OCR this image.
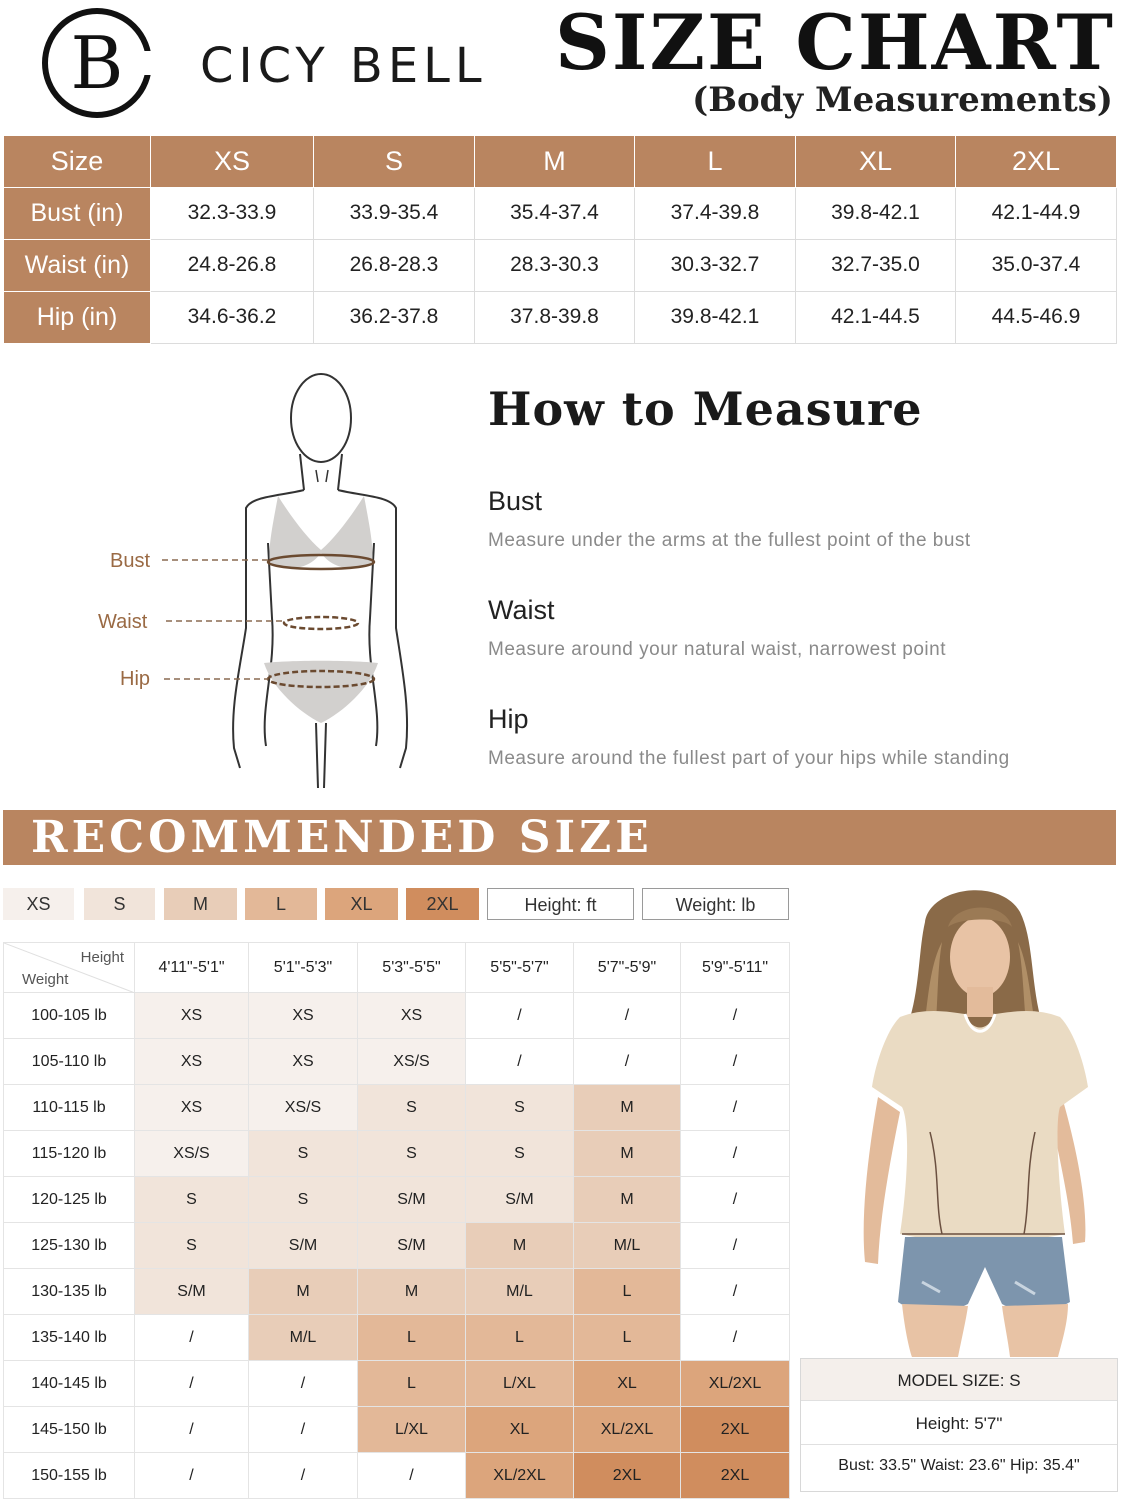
B CICY BELL SIZE CHART
(Body Measurements)
Size	XS	S	M	L	XL	2XL
Bust (in)	32.3-33.9	33.9-35.4	35.4-37.4	37.4-39.8	39.8-42.1	42.1-44.9
Waist (in)	24.8-26.8	26.8-28.3	28.3-30.3	30.3-32.7	32.7-35.0	35.0-37.4
Hip (in)	34.6-36.2	36.2-37.8	37.8-39.8	39.8-42.1	42.1-44.5	44.5-46.9
Bust
Waist
Hip
How to Measure
Bust
Measure under the arms at the fullest point of the bust
Waist
Measure around your natural waist, narrowest point
Hip
Measure around the fullest part of your hips while standing
RECOMMENDED SIZE
XS	S	M	L	XL	2XL	Height: ft	Weight: lb
Height
Weight	4'11"-5'1"	5'1"-5'3"	5'3"-5'5"	5'5"-5'7"	5'7"-5'9"	5'9"-5'11"
100-105 lb	XS	XS	XS	/	/	/
105-110 lb	XS	XS	XS/S	/	/	/
110-115 lb	XS	XS/S	S	S	M	/
115-120 lb	XS/S	S	S	S	M	/
120-125 lb	S	S	S/M	S/M	M	/
125-130 lb	S	S/M	S/M	M	M/L	/
130-135 lb	S/M	M	M	M/L	L	/
135-140 lb	/	M/L	L	L	L	/
140-145 lb	/	/	L	L/XL	XL	XL/2XL
145-150 lb	/	/	L/XL	XL	XL/2XL	2XL
150-155 lb	/	/	/	XL/2XL	2XL	2XL
MODEL SIZE: S
Height: 5'7"
Bust: 33.5" Waist: 23.6" Hip: 35.4"
